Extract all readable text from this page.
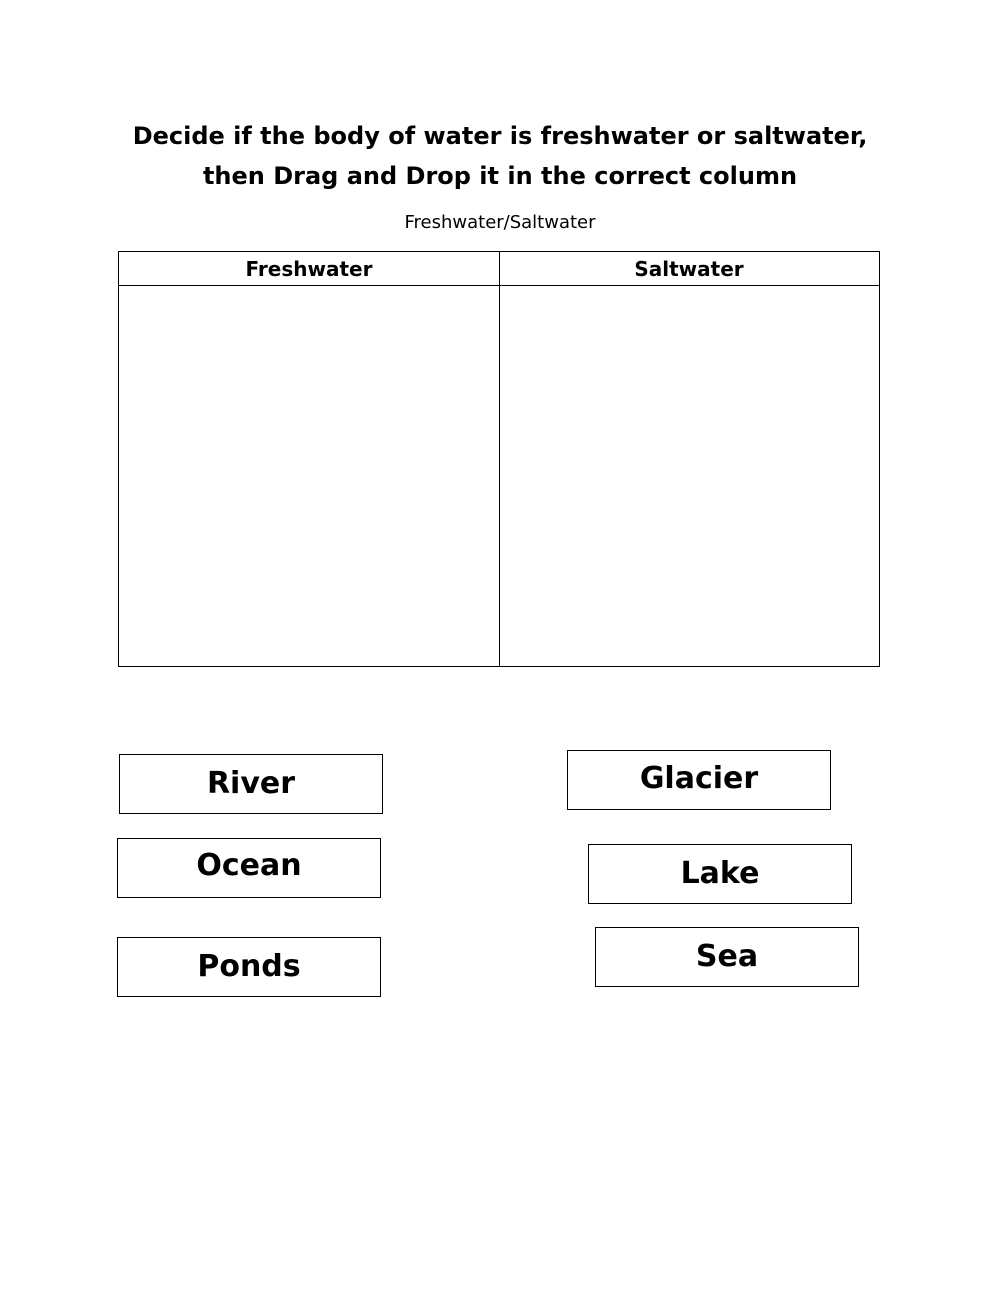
Decide if the body of water is freshwater or saltwater,
then Drag and Drop it in the correct column
Freshwater/Saltwater
Freshwater	Saltwater
River
Ocean
Ponds
Glacier
Lake
Sea
